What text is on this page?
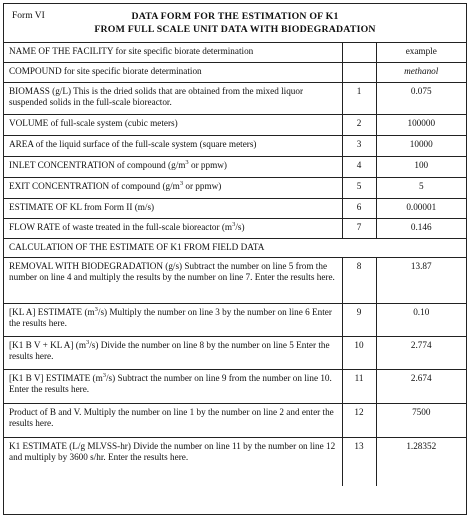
Form VI	DATA FORM FOR THE ESTIMATION OF K1
FROM FULL SCALE UNIT DATA WITH BIODEGRADATION
NAME OF THE FACILITY for site specific biorate determination		example
COMPOUND for site specific biorate determination		methanol
BIOMASS (g/L) This is the dried solids that are obtained from the mixed liquor suspended solids in the full-scale bioreactor.	1	0.075
VOLUME of full-scale system (cubic meters)	2	100000
AREA of the liquid surface of the full-scale system (square meters)	3	10000
INLET CONCENTRATION of compound ($g/m^3$ or ppmw)	4	100
EXIT CONCENTRATION of compound ($g/m^3$ or ppmw)	5	5
ESTIMATE OF KL from Form II (m/s)	6	0.00001
FLOW RATE of waste treated in the full-scale bioreactor $(m^3/s)$	7	0.146
CALCULATION OF THE ESTIMATE OF K1 FROM FIELD DATA		
REMOVAL WITH BIODEGRADATION (g/s) Subtract the number on line 5 from the number on line 4 and multiply the results by the number on line 7. Enter the results here.	8	13.87
[KL A] ESTIMATE $(m^3/s)$ Multiply the number on line 3 by the number on line 6 Enter the results here.	9	0.10
[K1 B V + KL A] $(m^3/s)$ Divide the number on line 8 by the number on line 5 Enter the results here.	10	2.774
[K1 B V] ESTIMATE $(m^3/s)$ Subtract the number on line 9 from the number on line 10. Enter the results here.	11	2.674
Product of B and V. Multiply the number on line 1 by the number on line 2 and enter the results here.	12	7500
K1 ESTIMATE (L/g MLVSS-hr) Divide the number on line 11 by the number on line 12 and multiply by 3600 s/hr. Enter the results here.	13	1.28352
